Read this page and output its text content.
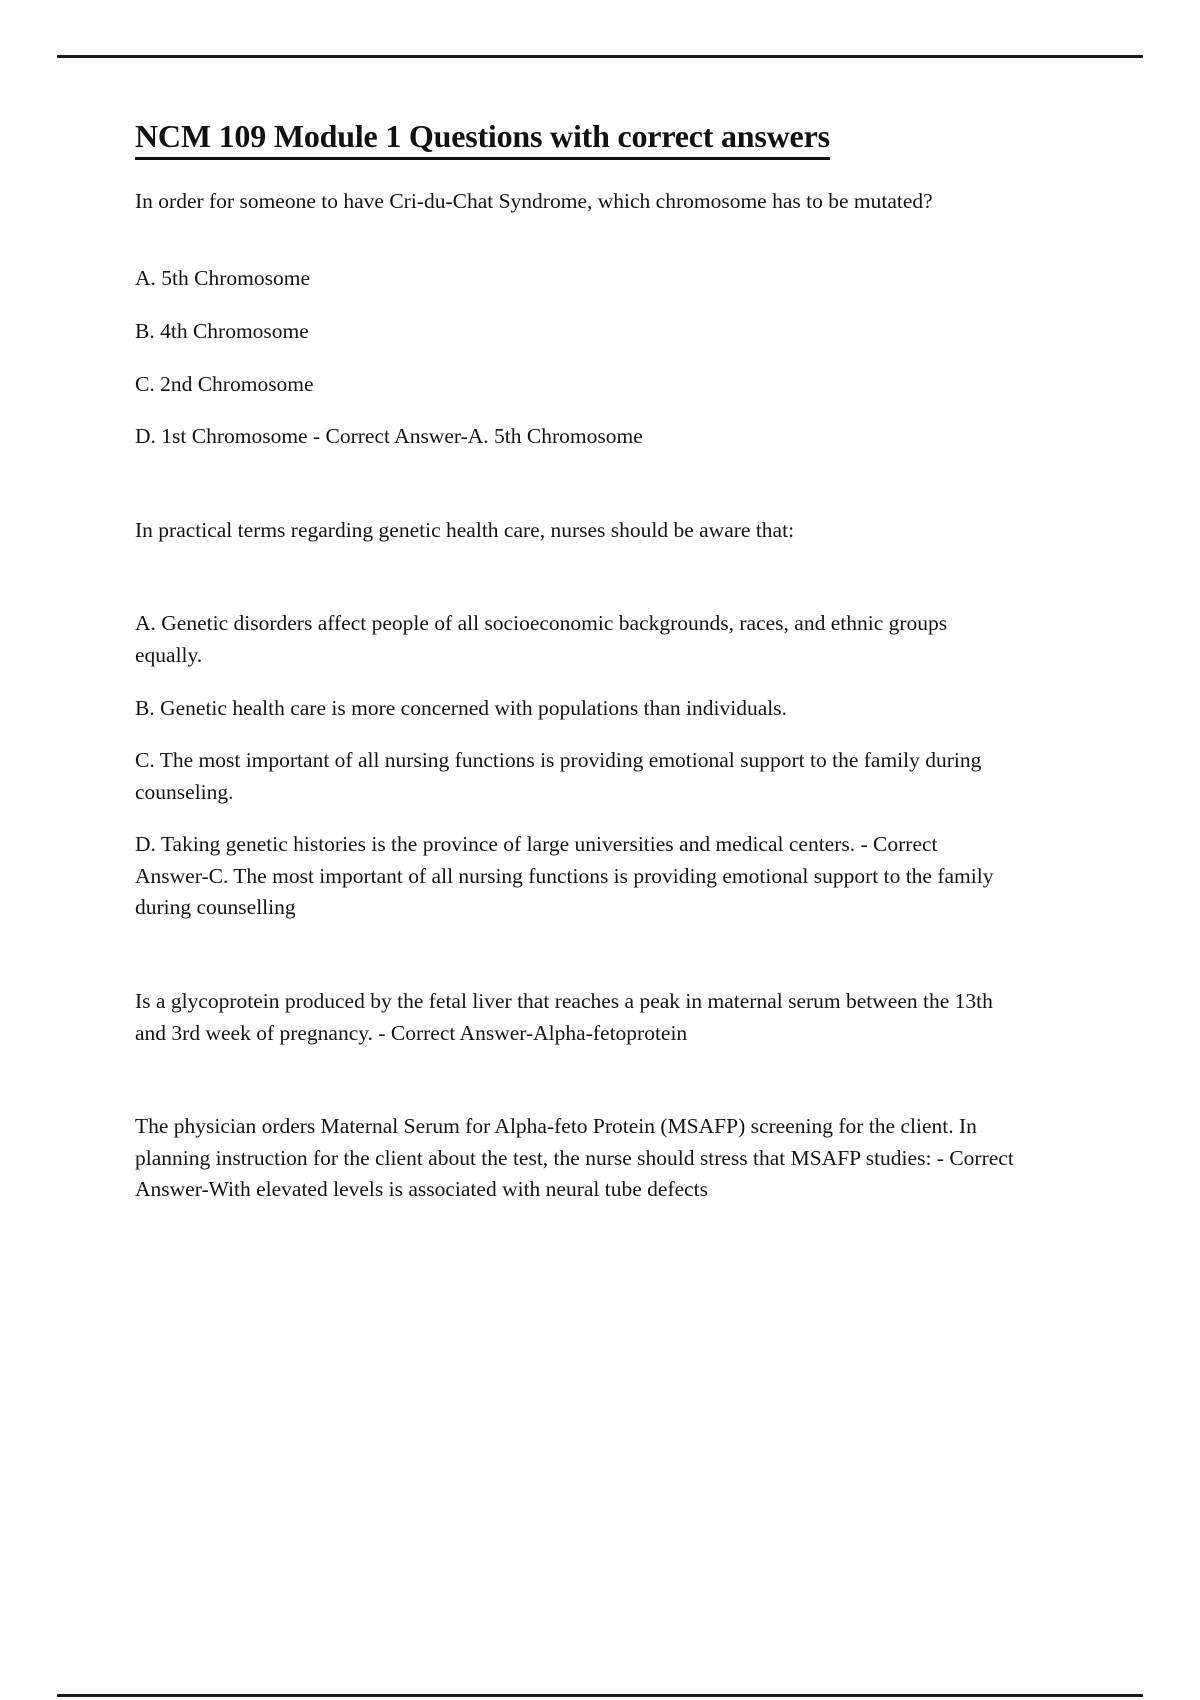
NCM 109 Module 1 Questions with correct answers

In order for someone to have Cri-du-Chat Syndrome, which chromosome has to be mutated?

A. 5th Chromosome

B. 4th Chromosome

C. 2nd Chromosome

D. 1st Chromosome - Correct Answer-A. 5th Chromosome

In practical terms regarding genetic health care, nurses should be aware that:

A. Genetic disorders affect people of all socioeconomic backgrounds, races, and ethnic groups equally.

B. Genetic health care is more concerned with populations than individuals.

C. The most important of all nursing functions is providing emotional support to the family during counseling.

D. Taking genetic histories is the province of large universities and medical centers. - Correct Answer-C. The most important of all nursing functions is providing emotional support to the family during counselling

Is a glycoprotein produced by the fetal liver that reaches a peak in maternal serum between the 13th and 3rd week of pregnancy. - Correct Answer-Alpha-fetoprotein

The physician orders Maternal Serum for Alpha-feto Protein (MSAFP) screening for the client. In planning instruction for the client about the test, the nurse should stress that MSAFP studies: - Correct Answer-With elevated levels is associated with neural tube defects
